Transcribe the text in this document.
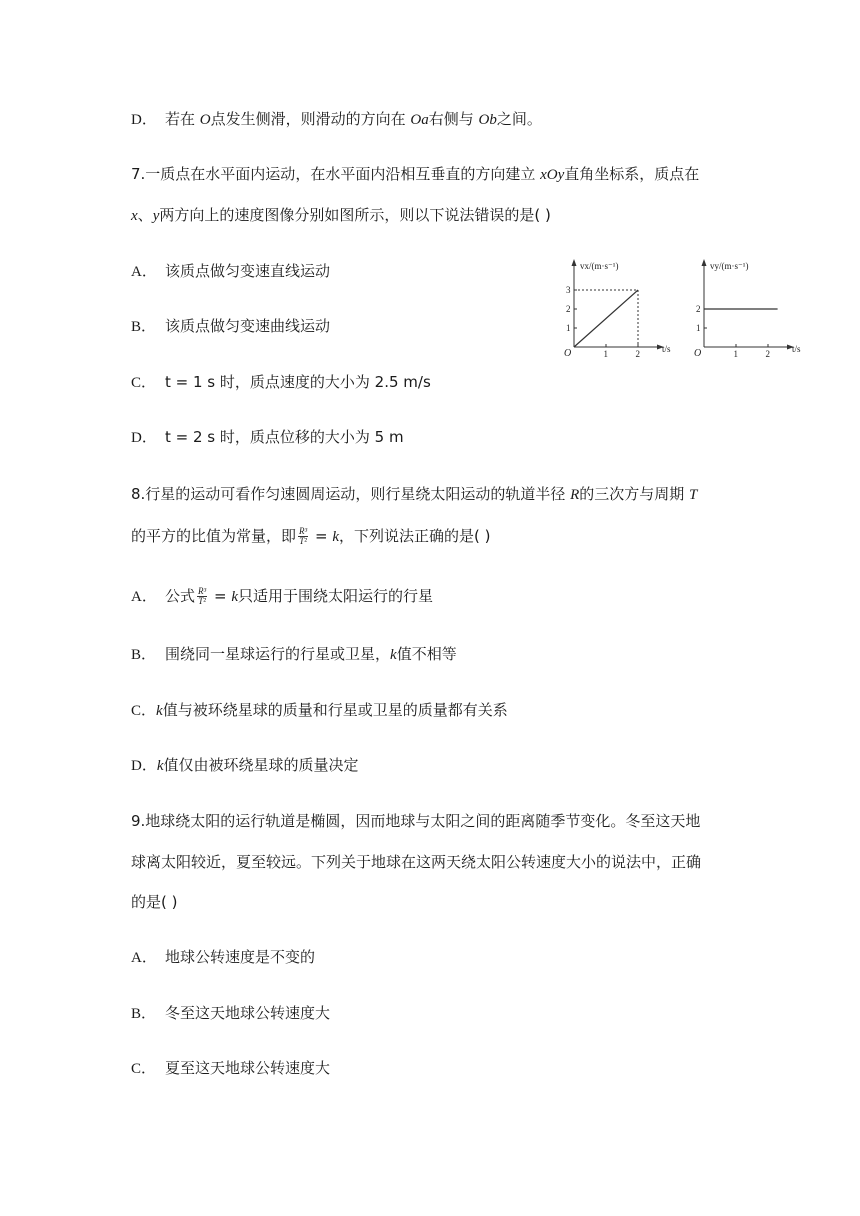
D． 若在 O点发生侧滑，则滑动的方向在 Oa右侧与 Ob之间。
7.一质点在水平面内运动，在水平面内沿相互垂直的方向建立 xOy直角坐标系，质点在
x、y两方向上的速度图像分别如图所示，则以下说法错误的是( )
A． 该质点做匀变速直线运动
B． 该质点做匀变速曲线运动
C． t = 1 s 时，质点速度的大小为 2.5 m/s
D． t = 2 s 时，质点位移的大小为 5 m
vx/(m·s⁻¹)
t/s
O	1	2
1
2
3
vy/(m·s⁻¹)
t/s
O	1	2
1
2
8.行星的运动可看作匀速圆周运动，则行星绕太阳运动的轨道半径 R的三次方与周期 T
的平方的比值为常量，即 $\frac{\text{R³}}{\text{T²}} = k$，下列说法正确的是( )
A． 公式 $\frac{\text{R³}}{\text{T²}} = k$只适用于围绕太阳运行的行星
B． 围绕同一星球运行的行星或卫星，k值不相等
C．k值与被环绕星球的质量和行星或卫星的质量都有关系
D．k值仅由被环绕星球的质量决定
9.地球绕太阳的运行轨道是椭圆，因而地球与太阳之间的距离随季节变化。冬至这天地
球离太阳较近，夏至较远。下列关于地球在这两天绕太阳公转速度大小的说法中，正确
的是( )
A． 地球公转速度是不变的
B． 冬至这天地球公转速度大
C． 夏至这天地球公转速度大
